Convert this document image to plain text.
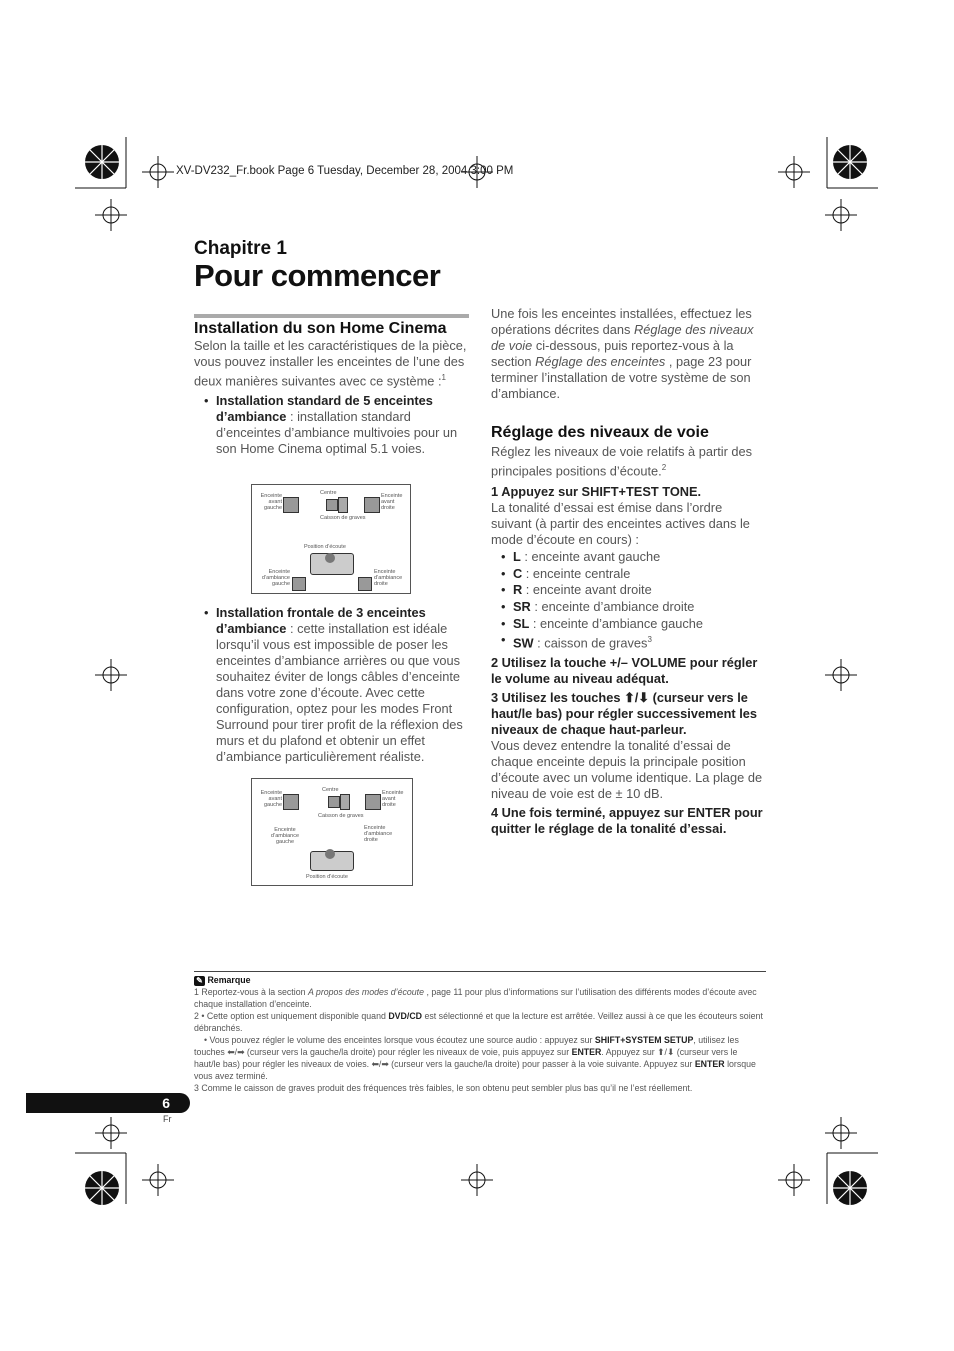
XV-DV232_Fr.book Page 6 Tuesday, December 28, 2004 3:00 PM
Chapitre 1
Pour commencer
Installation du son Home Cinema

Selon la taille et les caractéristiques de la pièce, vous pouvez installer les enceintes de l’une des deux manières suivantes avec ce système :$^1$

• Installation standard de 5 enceintes d’ambiance : installation standard d’enceintes d’ambiance multivoies pour un son Home Cinema optimal 5.1 voies.
Enceinte avant gauche
Centre
Caisson de graves
Enceinte avant droite
Position d’écoute
Enceinte d’ambiance gauche
Enceinte d’ambiance droite
• Installation frontale de 3 enceintes d’ambiance : cette installation est idéale lorsqu’il vous est impossible de poser les enceintes d’ambiance arrières ou que vous souhaitez éviter de longs câbles d’enceinte dans votre zone d’écoute. Avec cette configuration, optez pour les modes Front Surround pour tirer profit de la réflexion des murs et du plafond et obtenir un effet d’ambiance particulièrement réaliste.
Enceinte avant gauche
Centre
Caisson de graves
Enceinte avant droite
Enceinte d’ambiance gauche
Enceinte d’ambiance droite
Position d’écoute

Une fois les enceintes installées, effectuez les opérations décrites dans Réglage des niveaux de voie ci-dessous, puis reportez-vous à la section Réglage des enceintes , page 23 pour terminer l’installation de votre système de son d’ambiance.

Réglage des niveaux de voie

Réglez les niveaux de voie relatifs à partir des principales positions d’écoute.$^2$

1 Appuyez sur SHIFT+TEST TONE.

La tonalité d’essai est émise dans l’ordre suivant (à partir des enceintes actives dans le mode d’écoute en cours) :

• L : enceinte avant gauche
• C : enceinte centrale
• R : enceinte avant droite
• SR : enceinte d’ambiance droite
• SL : enceinte d’ambiance gauche
• SW : caisson de graves$^3$
2 Utilisez la touche +/– VOLUME pour régler le volume au niveau adéquat.
3 Utilisez les touches ⬆/⬇ (curseur vers le haut/le bas) pour régler successivement les niveaux de chaque haut-parleur.

Vous devez entendre la tonalité d’essai de chaque enceinte depuis la principale position d’écoute avec un volume identique. La plage de niveau de voie est de ± 10 dB.

4 Une fois terminé, appuyez sur ENTER pour quitter le réglage de la tonalité d’essai.
✎ Remarque
1 Reportez-vous à la section A propos des modes d’écoute , page 11 pour plus d’informations sur l’utilisation des différents modes d’écoute avec chaque installation d’enceinte.
2 • Cette option est uniquement disponible quand DVD/CD est sélectionné et que la lecture est arrêtée. Veillez aussi à ce que les écouteurs soient débranchés.
• Vous pouvez régler le volume des enceintes lorsque vous écoutez une source audio : appuyez sur SHIFT+SYSTEM SETUP, utilisez les touches ⬅/➡ (curseur vers la gauche/la droite) pour régler les niveaux de voie, puis appuyez sur ENTER. Appuyez sur ⬆/⬇ (curseur vers le haut/le bas) pour régler les niveaux de voies. ⬅/➡ (curseur vers la gauche/la droite) pour passer à la voie suivante. Appuyez sur ENTER lorsque vous avez terminé.
3 Comme le caisson de graves produit des fréquences très faibles, le son obtenu peut sembler plus bas qu’il ne l’est réellement.
6
Fr
